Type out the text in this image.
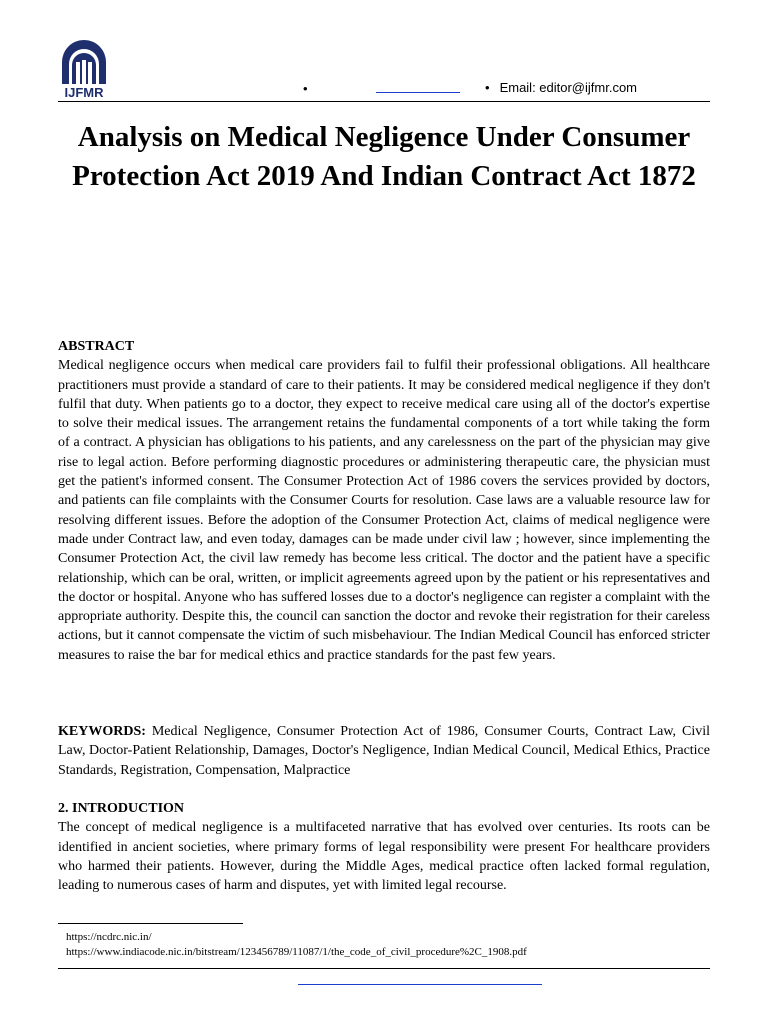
IJFMR	•	• Email: editor@ijfmr.com
Analysis on Medical Negligence Under Consumer Protection Act 2019 And Indian Contract Act 1872
ABSTRACT
Medical negligence occurs when medical care providers fail to fulfil their professional obligations. All healthcare practitioners must provide a standard of care to their patients. It may be considered medical negligence if they don't fulfil that duty. When patients go to a doctor, they expect to receive medical care using all of the doctor's expertise to solve their medical issues. The arrangement retains the fundamental components of a tort while taking the form of a contract. A physician has obligations to his patients, and any carelessness on the part of the physician may give rise to legal action. Before performing diagnostic procedures or administering therapeutic care, the physician must get the patient's informed consent. The Consumer Protection Act of 1986 covers the services provided by doctors, and patients can file complaints with the Consumer Courts for resolution. Case laws are a valuable resource law for resolving different issues. Before the adoption of the Consumer Protection Act, claims of medical negligence were made under Contract law, and even today, damages can be made under civil law ; however, since implementing the Consumer Protection Act, the civil law remedy has become less critical. The doctor and the patient have a specific relationship, which can be oral, written, or implicit agreements agreed upon by the patient or his representatives and the doctor or hospital. Anyone who has suffered losses due to a doctor's negligence can register a complaint with the appropriate authority. Despite this, the council can sanction the doctor and revoke their registration for their careless actions, but it cannot compensate the victim of such misbehaviour. The Indian Medical Council has enforced stricter measures to raise the bar for medical ethics and practice standards for the past few years.
KEYWORDS: Medical Negligence, Consumer Protection Act of 1986, Consumer Courts, Contract Law, Civil Law, Doctor-Patient Relationship, Damages, Doctor's Negligence, Indian Medical Council, Medical Ethics, Practice Standards, Registration, Compensation, Malpractice
2. INTRODUCTION
The concept of medical negligence is a multifaceted narrative that has evolved over centuries. Its roots can be identified in ancient societies, where primary forms of legal responsibility were present For healthcare providers who harmed their patients. However, during the Middle Ages, medical practice often lacked formal regulation, leading to numerous cases of harm and disputes, yet with limited legal recourse.
https://ncdrc.nic.in/
https://www.indiacode.nic.in/bitstream/123456789/11087/1/the_code_of_civil_procedure%2C_1908.pdf
